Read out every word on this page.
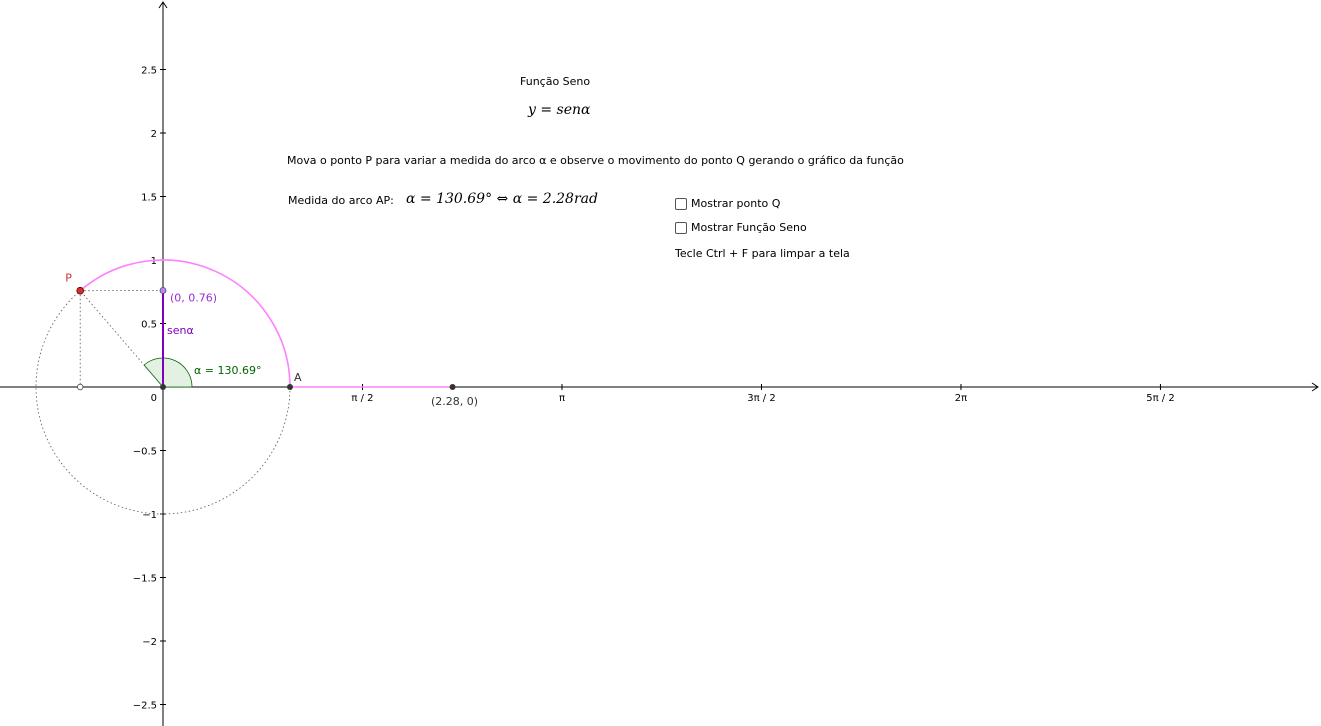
π / 2	π	3π / 2	2π	5π / 2
2.5
2
1.5
1
0.5
−0.5
−1
−1.5
−2
−2.5
0
P
A
(0, 0.76)
senα
α = 130.69°
(2.28, 0)
Função Seno
y = senα
Mova o ponto P para variar a medida do arco α e observe o movimento do ponto Q gerando o gráfico da função
Medida do arco AP: α = 130.69° ⇔ α = 2.28rad	Mostrar ponto Q
Mostrar Função Seno
Tecle Ctrl + F para limpar a tela
